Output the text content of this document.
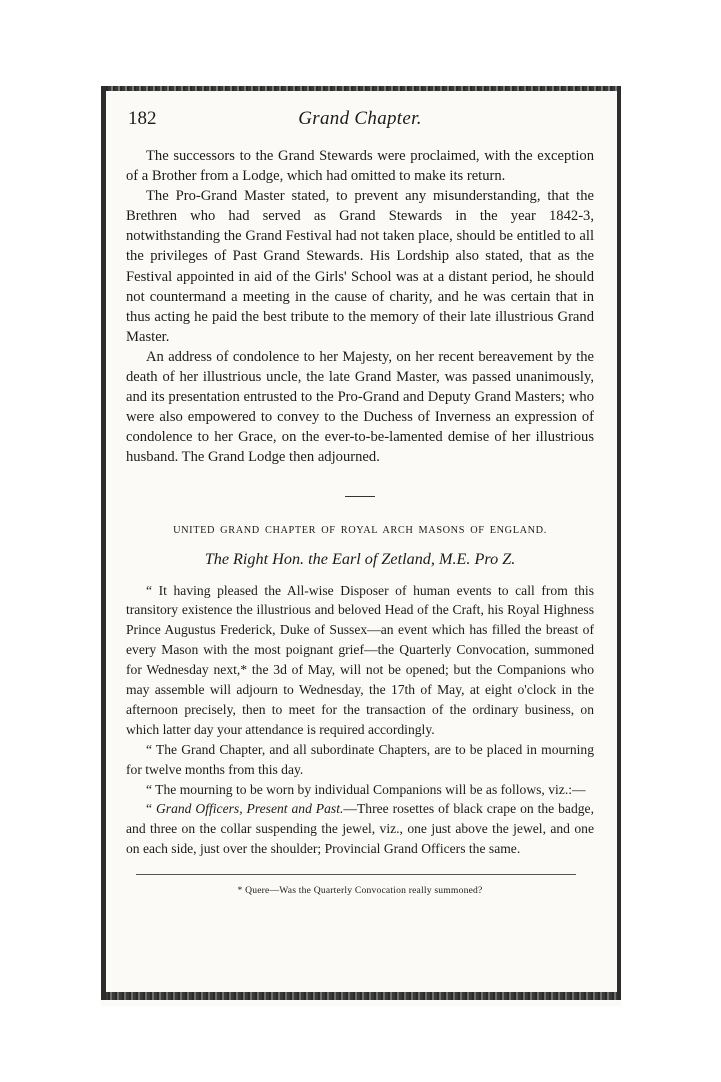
182	Grand Chapter.

The successors to the Grand Stewards were proclaimed, with the exception of a Brother from a Lodge, which had omitted to make its return.

The Pro-Grand Master stated, to prevent any misunderstanding, that the Brethren who had served as Grand Stewards in the year 1842-3, notwithstanding the Grand Festival had not taken place, should be entitled to all the privileges of Past Grand Stewards. His Lordship also stated, that as the Festival appointed in aid of the Girls' School was at a distant period, he should not countermand a meeting in the cause of charity, and he was certain that in thus acting he paid the best tribute to the memory of their late illustrious Grand Master.

An address of condolence to her Majesty, on her recent bereavement by the death of her illustrious uncle, the late Grand Master, was passed unanimously, and its presentation entrusted to the Pro-Grand and Deputy Grand Masters; who were also empowered to convey to the Duchess of Inverness an expression of condolence to her Grace, on the ever-to-be-lamented demise of her illustrious husband. The Grand Lodge then adjourned.

UNITED GRAND CHAPTER OF ROYAL ARCH MASONS OF ENGLAND.
The Right Hon. the Earl of Zetland, M.E. Pro Z.

“ It having pleased the All-wise Disposer of human events to call from this transitory existence the illustrious and beloved Head of the Craft, his Royal Highness Prince Augustus Frederick, Duke of Sussex—an event which has filled the breast of every Mason with the most poignant grief—the Quarterly Convocation, summoned for Wednesday next,* the 3d of May, will not be opened; but the Companions who may assemble will adjourn to Wednesday, the 17th of May, at eight o'clock in the afternoon precisely, then to meet for the transaction of the ordinary business, on which latter day your attendance is required accordingly.

“ The Grand Chapter, and all subordinate Chapters, are to be placed in mourning for twelve months from this day.

“ The mourning to be worn by individual Companions will be as follows, viz.:—

“ Grand Officers, Present and Past.—Three rosettes of black crape on the badge, and three on the collar suspending the jewel, viz., one just above the jewel, and one on each side, just over the shoulder; Provincial Grand Officers the same.

* Quere—Was the Quarterly Convocation really summoned?
